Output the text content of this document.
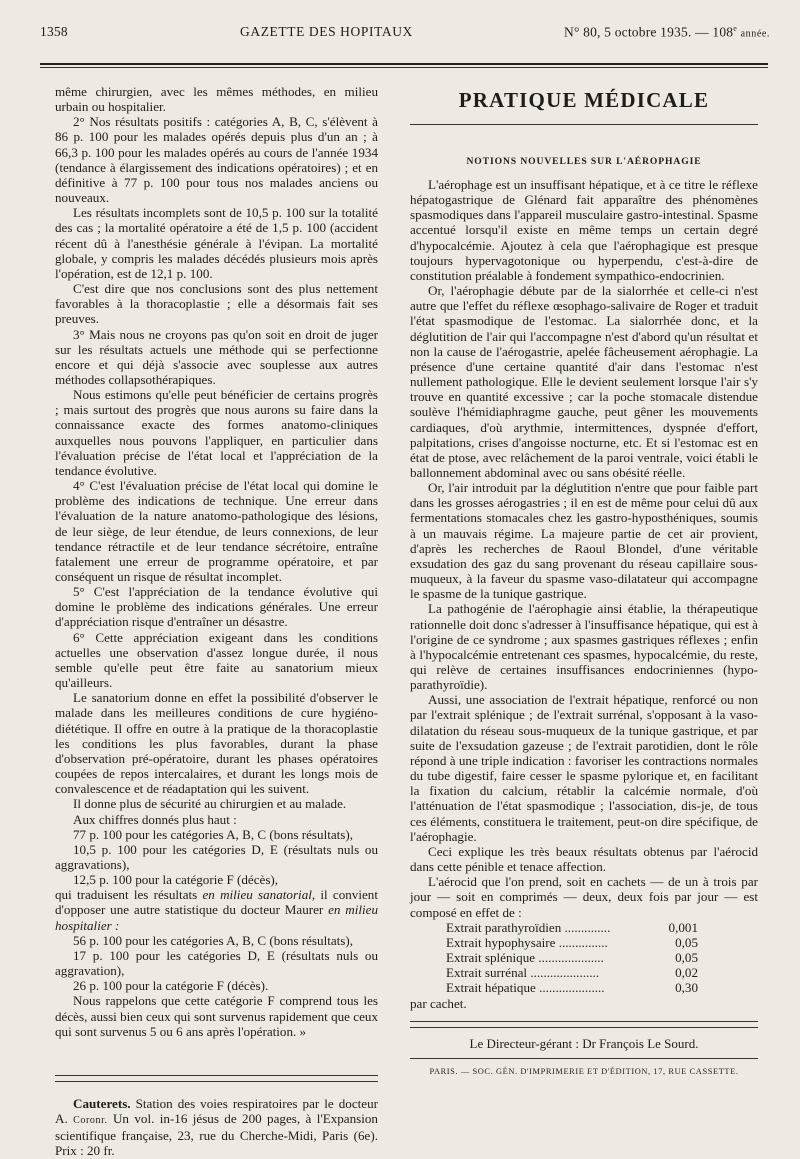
1358	GAZETTE DES HOPITAUX	N° 80, 5 octobre 1935. — 108e année.

même chirurgien, avec les mêmes méthodes, en milieu urbain ou hospitalier.

2° Nos résultats positifs : catégories A, B, C, s'élèvent à 86 p. 100 pour les malades opérés depuis plus d'un an ; à 66,3 p. 100 pour les malades opérés au cours de l'année 1934 (tendance à élargissement des indications opératoires) ; et en définitive à 77 p. 100 pour tous nos malades anciens ou nouveaux.

Les résultats incomplets sont de 10,5 p. 100 sur la totalité des cas ; la mortalité opératoire a été de 1,5 p. 100 (accident récent dû à l'anesthésie générale à l'évipan. La mortalité globale, y compris les malades décédés plusieurs mois après l'opération, est de 12,1 p. 100.

C'est dire que nos conclusions sont des plus nettement favorables à la thoracoplastie ; elle a désormais fait ses preuves.

3° Mais nous ne croyons pas qu'on soit en droit de juger sur les résultats actuels une méthode qui se perfectionne encore et qui déjà s'associe avec souplesse aux autres méthodes collapsothérapiques.

Nous estimons qu'elle peut bénéficier de certains progrès ; mais surtout des progrès que nous aurons su faire dans la connaissance exacte des formes anatomo-cliniques auxquelles nous pouvons l'appliquer, en particulier dans l'évaluation précise de l'état local et l'appréciation de la tendance évolutive.

4° C'est l'évaluation précise de l'état local qui domine le problème des indications de technique. Une erreur dans l'évaluation de la nature anatomo-pathologique des lésions, de leur siège, de leur étendue, de leurs connexions, de leur tendance rétractile et de leur tendance sécrétoire, entraîne fatalement une erreur de programme opératoire, et par conséquent un risque de résultat incomplet.

5° C'est l'appréciation de la tendance évolutive qui domine le problème des indications générales. Une erreur d'appréciation risque d'entraîner un désastre.

6° Cette appréciation exigeant dans les conditions actuelles une observation d'assez longue durée, il nous semble qu'elle peut être faite au sanatorium mieux qu'ailleurs.

Le sanatorium donne en effet la possibilité d'observer le malade dans les meilleures conditions de cure hygiéno-diététique. Il offre en outre à la pratique de la thoracoplastie les conditions les plus favorables, durant la phase d'observation pré-opératoire, durant les phases opératoires coupées de repos intercalaires, et durant les longs mois de convalescence et de réadaptation qui les suivent.

Il donne plus de sécurité au chirurgien et au malade.

Aux chiffres donnés plus haut :

77 p. 100 pour les catégories A, B, C (bons résultats),

10,5 p. 100 pour les catégories D, E (résultats nuls ou aggravations),

12,5 p. 100 pour la catégorie F (décès),

qui traduisent les résultats en milieu sanatorial, il convient d'opposer une autre statistique du docteur Maurer en milieu hospitalier :

56 p. 100 pour les catégories A, B, C (bons résultats),

17 p. 100 pour les catégories D, E (résultats nuls ou aggravation),

26 p. 100 pour la catégorie F (décès).

Nous rappelons que cette catégorie F comprend tous les décès, aussi bien ceux qui sont survenus rapidement que ceux qui sont survenus 5 ou 6 ans après l'opération. »

Cauterets. Station des voies respiratoires par le docteur A. Coronr. Un vol. in-16 jésus de 200 pages, à l'Expansion scientifique française, 23, rue du Cherche-Midi, Paris (6e). Prix : 20 fr.
PRATIQUE MÉDICALE
NOTIONS NOUVELLES SUR L'AÉROPHAGIE

L'aérophage est un insuffisant hépatique, et à ce titre le réflexe hépatogastrique de Glénard fait apparaître des phénomènes spasmodiques dans l'appareil musculaire gastro-intestinal. Spasme accentué lorsqu'il existe en même temps un certain degré d'hypocalcémie. Ajoutez à cela que l'aérophagique est presque toujours hypervagotonique ou hyperpendu, c'est-à-dire de constitution préalable à fondement sympathico-endocrinien.

Or, l'aérophagie débute par de la sialorrhée et celle-ci n'est autre que l'effet du réflexe œsophago-salivaire de Roger et traduit l'état spasmodique de l'estomac. La sialorrhée donc, et la déglutition de l'air qui l'accompagne n'est d'abord qu'un résultat et non la cause de l'aérogastrie, apelée fâcheusement aérophagie. La présence d'une certaine quantité d'air dans l'estomac n'est nullement pathologique. Elle le devient seulement lorsque l'air s'y trouve en quantité excessive ; car la poche stomacale distendue soulève l'hémidiaphragme gauche, peut gêner les mouvements cardiaques, d'où arythmie, intermittences, dyspnée d'effort, palpitations, crises d'angoisse nocturne, etc. Et si l'estomac est en état de ptose, avec relâchement de la paroi ventrale, voici établi le ballonnement abdominal avec ou sans obésité réelle.

Or, l'air introduit par la déglutition n'entre que pour faible part dans les grosses aérogastries ; il en est de même pour celui dû aux fermentations stomacales chez les gastro-hyposthéniques, soumis à un mauvais régime. La majeure partie de cet air provient, d'après les recherches de Raoul Blondel, d'une véritable exsudation des gaz du sang provenant du réseau capillaire sous-muqueux, à la faveur du spasme vaso-dilatateur qui accompagne le spasme de la tunique gastrique.

La pathogénie de l'aérophagie ainsi établie, la thérapeutique rationnelle doit donc s'adresser à l'insuffisance hépatique, qui est à l'origine de ce syndrome ; aux spasmes gastriques réflexes ; enfin à l'hypocalcémie entretenant ces spasmes, hypocalcémie, du reste, qui relève de certaines insuffisances endocriniennes (hypo-parathyroïdie).

Aussi, une association de l'extrait hépatique, renforcé ou non par l'extrait splénique ; de l'extrait surrénal, s'opposant à la vaso-dilatation du réseau sous-muqueux de la tunique gastrique, et par suite de l'exsudation gazeuse ; de l'extrait parotidien, dont le rôle répond à une triple indication : favoriser les contractions normales du tube digestif, faire cesser le spasme pylorique et, en facilitant la fixation du calcium, rétablir la calcémie normale, d'où l'atténuation de l'état spasmodique ; l'association, dis-je, de tous ces éléments, constituera le traitement, peut-on dire spécifique, de l'aérophagie.

Ceci explique les très beaux résultats obtenus par l'aérocid dans cette pénible et tenace affection.

L'aérocid que l'on prend, soit en cachets — de un à trois par jour — soit en comprimés — deux, deux fois par jour — est composé en effet de :

Extrait parathyroïdien ..............	0,001
Extrait hypophysaire ...............	0,05
Extrait splénique ....................	0,05
Extrait surrénal .....................	0,02
Extrait hépatique ....................	0,30

par cachet.

Le Directeur-gérant : Dr François Le Sourd.
PARIS. — SOC. GÉN. D'IMPRIMERIE ET D'ÉDITION, 17, RUE CASSETTE.
